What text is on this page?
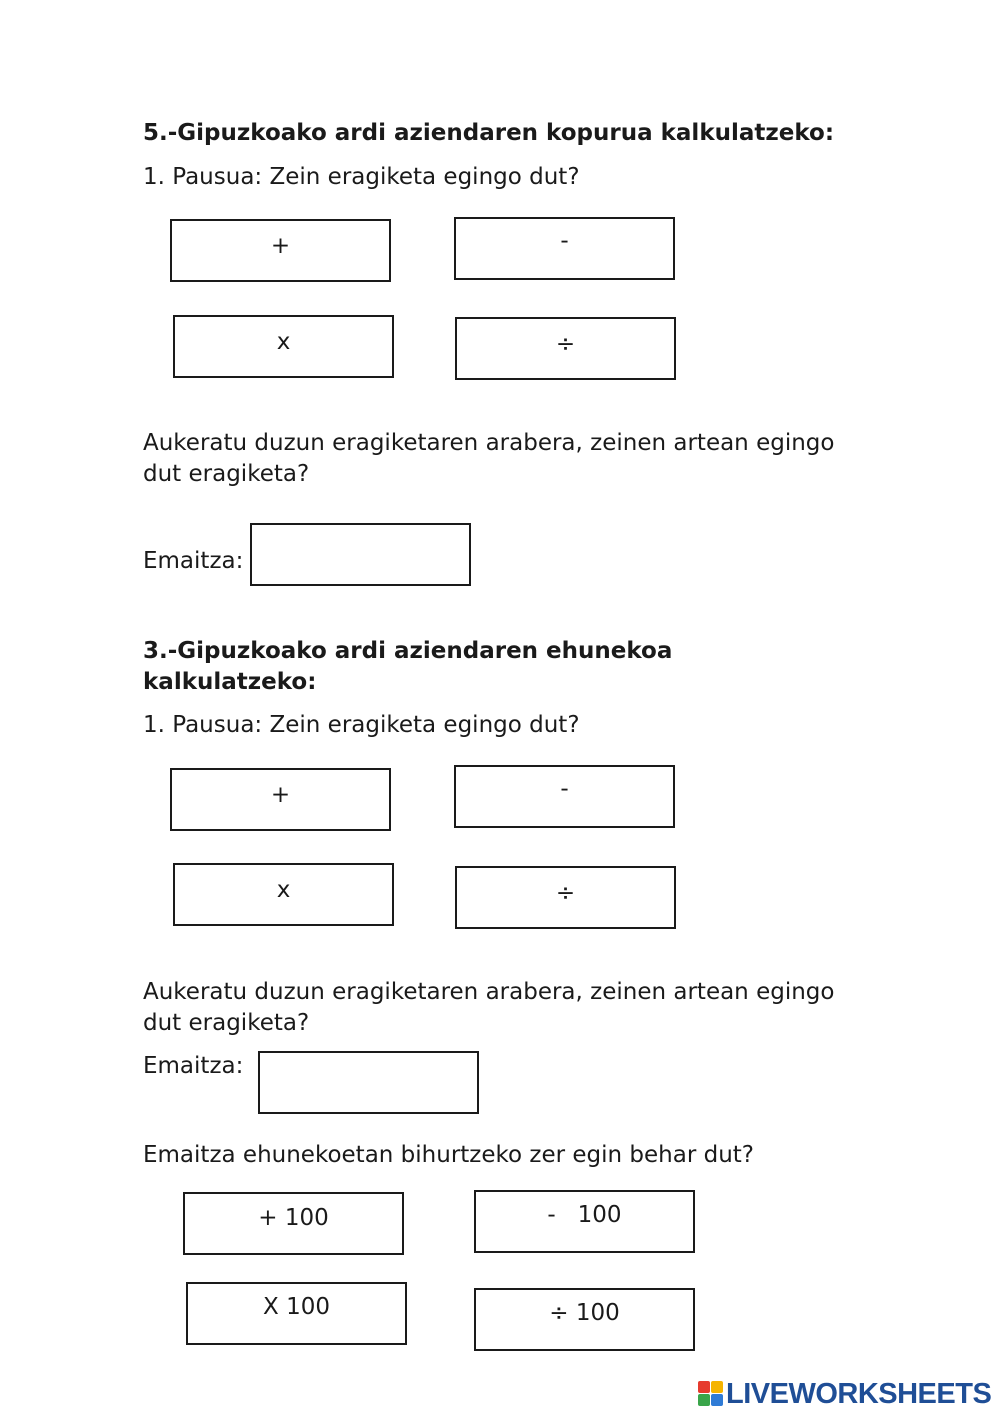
5.-Gipuzkoako ardi aziendaren kopurua kalkulatzeko:
1. Pausua: Zein eragiketa egingo dut?
+	-
x	÷
Aukeratu duzun eragiketaren arabera, zeinen artean egingo
dut eragiketa?
Emaitza:
3.-Gipuzkoako ardi aziendaren ehunekoa
kalkulatzeko:
1. Pausua: Zein eragiketa egingo dut?
+	-
x	÷
Aukeratu duzun eragiketaren arabera, zeinen artean egingo
dut eragiketa?
Emaitza:
Emaitza ehunekoetan bihurtzeko zer egin behar dut?
+ 100	-   100
X 100	÷ 100
LIVEWORKSHEETS
